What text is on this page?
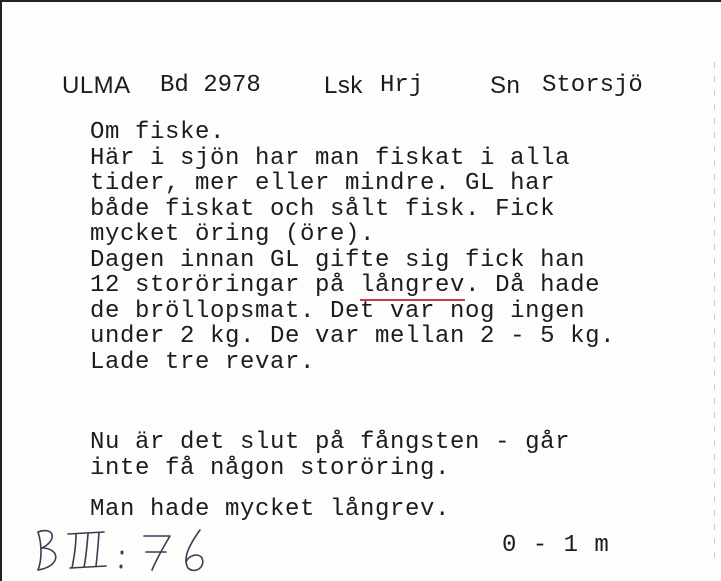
ULMA Bd 2978	Lsk Hrj	Sn Storsjö
Om fiske.
Här i sjön har man fiskat i alla
tider, mer eller mindre. GL har
både fiskat och sålt fisk. Fick
mycket öring (öre).
Dagen innan GL gifte sig fick han
12 storöringar på långrev. Då hade
de bröllopsmat. Det var nog ingen
under 2 kg. De var mellan 2 - 5 kg.
Lade tre revar.
Nu är det slut på fångsten - går
inte få någon storöring.
Man hade mycket långrev.
0 - 1 m
